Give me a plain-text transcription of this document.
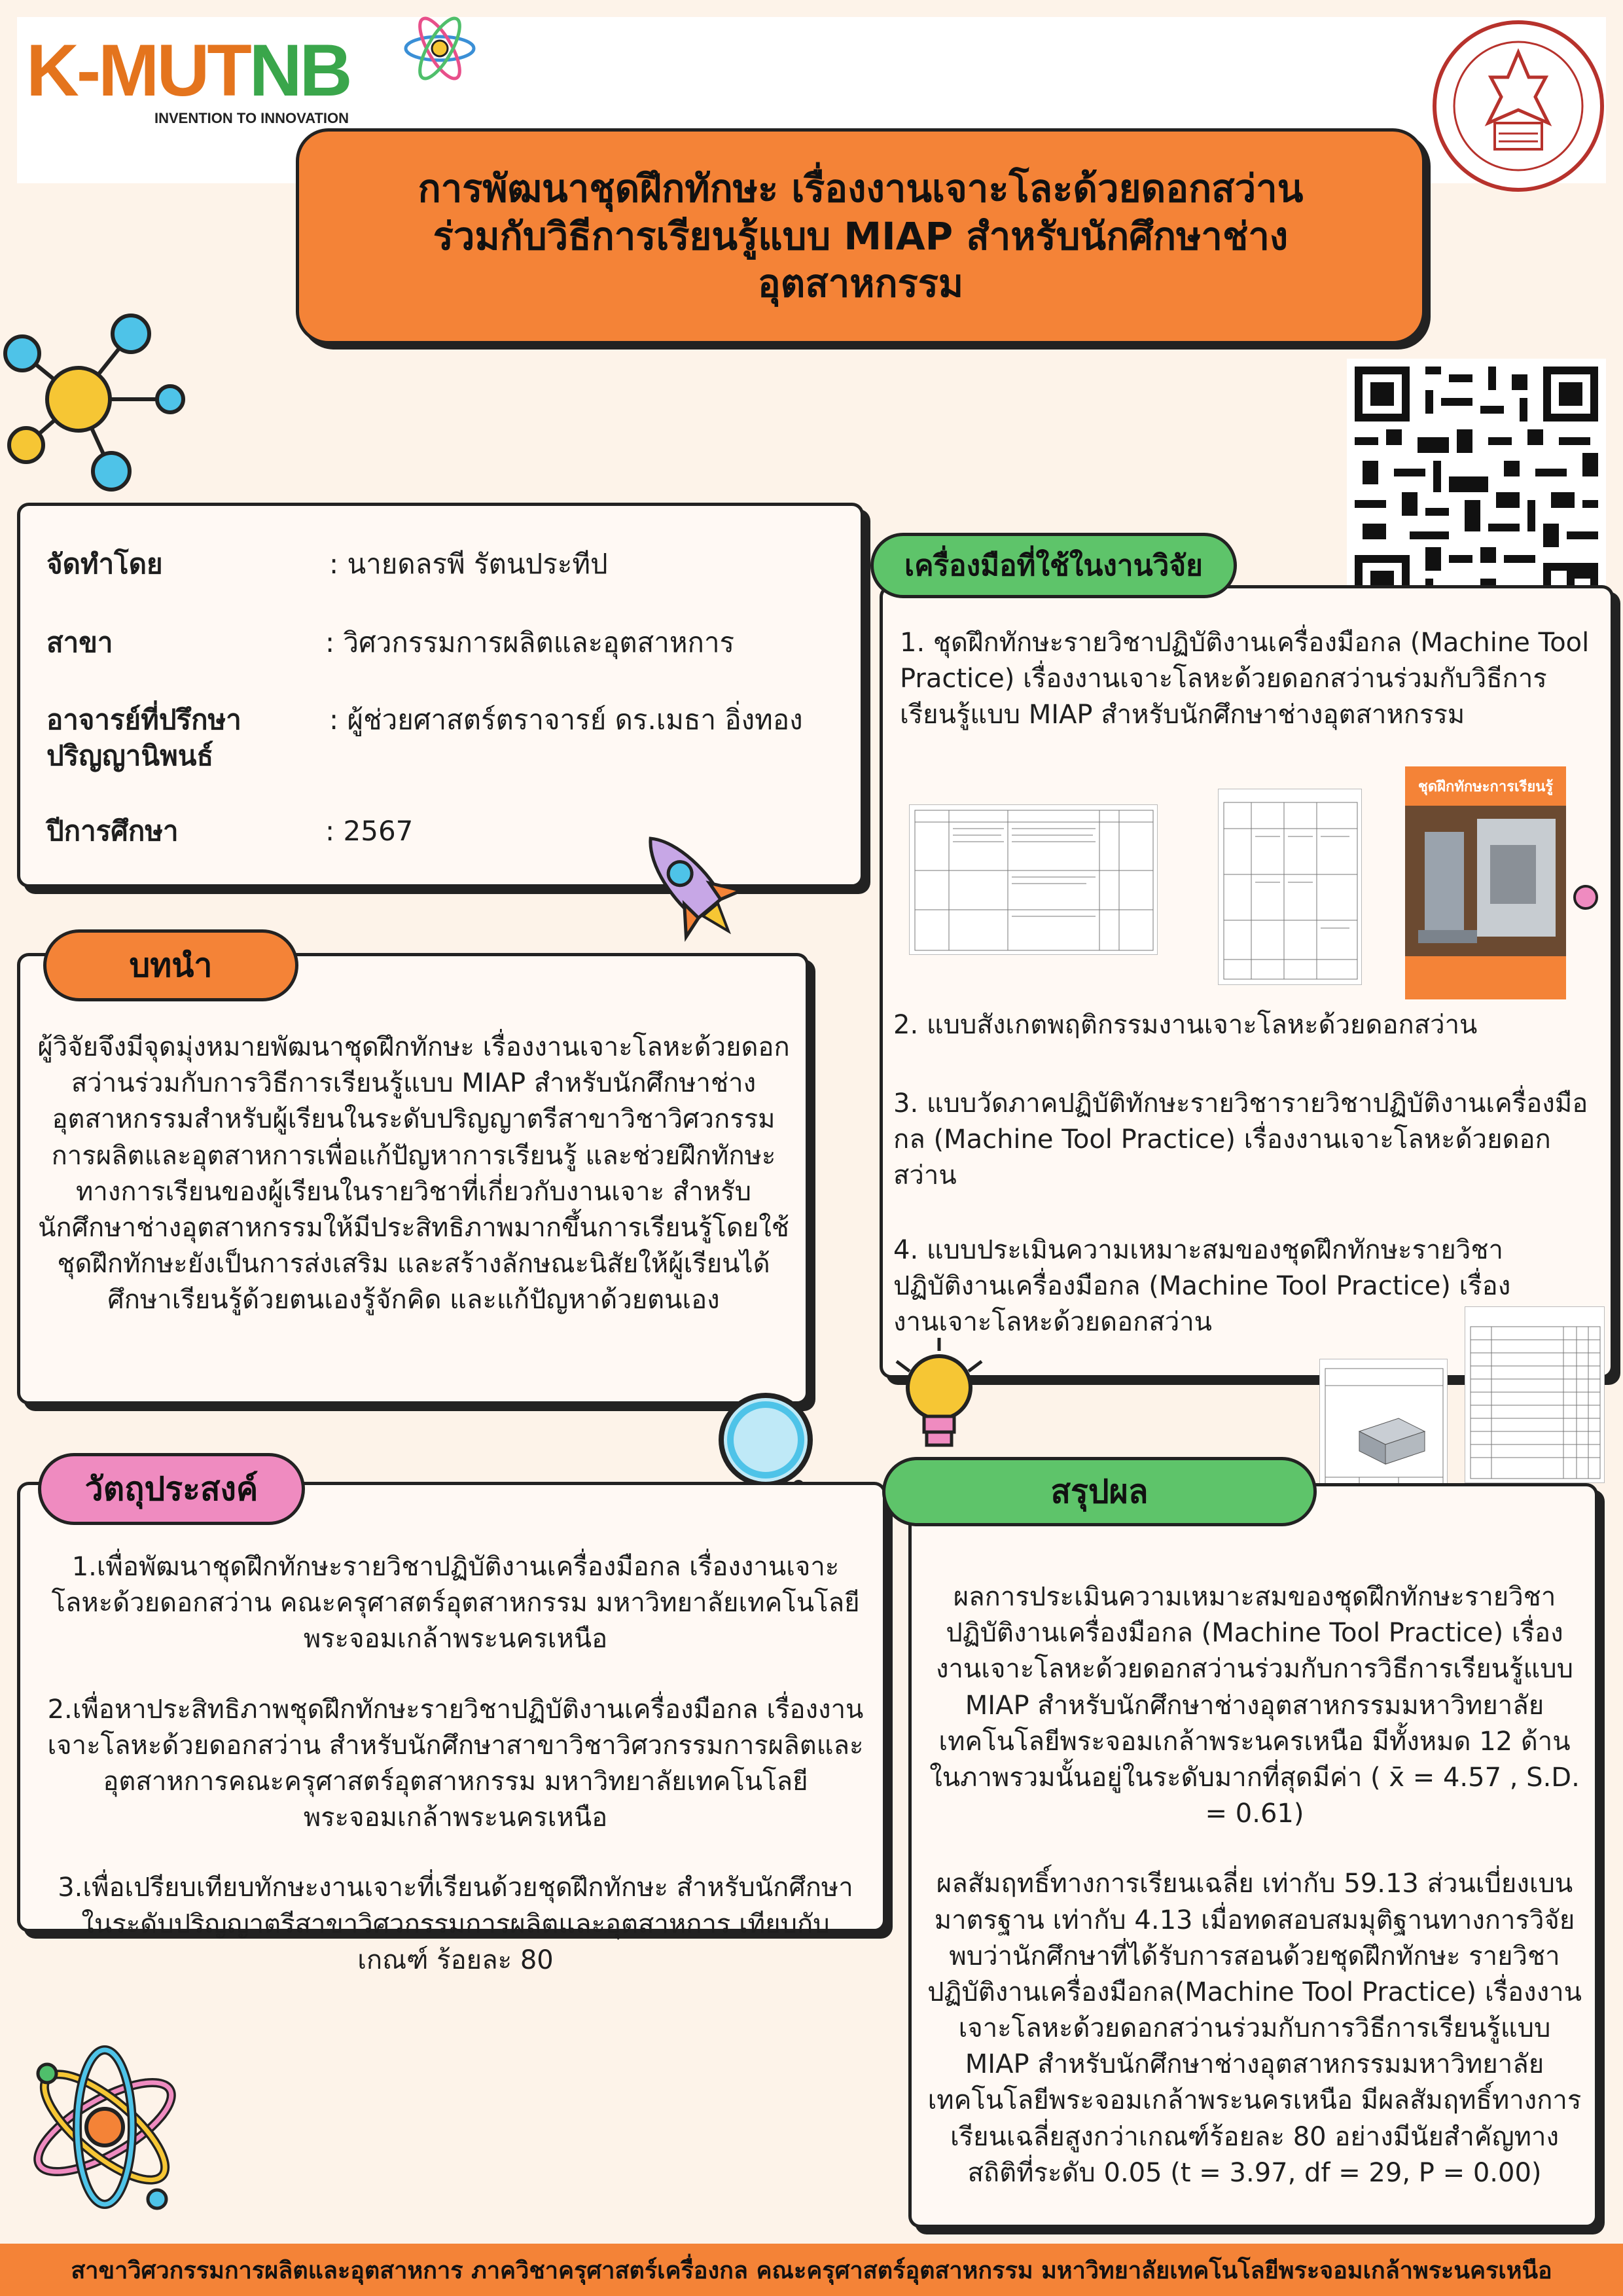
K-MUTNB
INVENTION TO INNOVATION
การพัฒนาชุดฝึกทักษะ เรื่องงานเจาะโละด้วยดอกสว่าน
ร่วมกับวิธีการเรียนรู้แบบ MIAP สำหรับนักศึกษาช่าง
อุตสาหกรรม
จัดทำโดย	: นายดลรพี รัตนประทีป
สาขา	: วิศวกรรมการผลิตและอุตสาหการ
อาจารย์ที่ปรึกษาปริญญานิพนธ์
: ผู้ช่วยศาสตร์ตราจารย์ ดร.เมธา อิ่งทอง
ปีการศึกษา	: 2567
ผู้วิจัยจึงมีจุดมุ่งหมายพัฒนาชุดฝึกทักษะ เรื่องงานเจาะโลหะด้วยดอกสว่านร่วมกับการวิธีการเรียนรู้แบบ MIAP สำหรับนักศึกษาช่างอุตสาหกรรมสำหรับผู้เรียนในระดับปริญญาตรีสาขาวิชาวิศวกรรมการผลิตและอุตสาหการเพื่อแก้ปัญหาการเรียนรู้ และช่วยฝึกทักษะทางการเรียนของผู้เรียนในรายวิชาที่เกี่ยวกับงานเจาะ สำหรับนักศึกษาช่างอุตสาหกรรมให้มีประสิทธิภาพมากขึ้นการเรียนรู้โดยใช้ชุดฝึกทักษะยังเป็นการส่งเสริม และสร้างลักษณะนิสัยให้ผู้เรียนได้ศึกษาเรียนรู้ด้วยตนเองรู้จักคิด และแก้ปัญหาด้วยตนเอง
บทนำ
1.เพื่อพัฒนาชุดฝึกทักษะรายวิชาปฏิบัติงานเครื่องมือกล เรื่องงานเจาะโลหะด้วยดอกสว่าน คณะครุศาสตร์อุตสาหกรรม มหาวิทยาลัยเทคโนโลยีพระจอมเกล้าพระนครเหนือ
2.เพื่อหาประสิทธิภาพชุดฝึกทักษะรายวิชาปฏิบัติงานเครื่องมือกล เรื่องงานเจาะโลหะด้วยดอกสว่าน สำหรับนักศึกษาสาขาวิชาวิศวกรรมการผลิตและอุตสาหการคณะครุศาสตร์อุตสาหกรรม มหาวิทยาลัยเทคโนโลยีพระจอมเกล้าพระนครเหนือ
3.เพื่อเปรียบเทียบทักษะงานเจาะที่เรียนด้วยชุดฝึกทักษะ สำหรับนักศึกษาในระดับปริญญาตรีสาขาวิศวกรรมการผลิตและอุตสาหการ เทียบกับเกณฑ์ ร้อยละ 80
วัตถุประสงค์
1. ชุดฝึกทักษะรายวิชาปฏิบัติงานเครื่องมือกล (Machine Tool Practice) เรื่องงานเจาะโลหะด้วยดอกสว่านร่วมกับวิธีการเรียนรู้แบบ MIAP สำหรับนักศึกษาช่างอุตสาหกรรม
ชุดฝึกทักษะการเรียนรู้
2. แบบสังเกตพฤติกรรมงานเจาะโลหะด้วยดอกสว่าน
3. แบบวัดภาคปฏิบัติทักษะรายวิชารายวิชาปฏิบัติงานเครื่องมือกล (Machine Tool Practice) เรื่องงานเจาะโลหะด้วยดอกสว่าน
4. แบบประเมินความเหมาะสมของชุดฝึกทักษะรายวิชาปฏิบัติงานเครื่องมือกล (Machine Tool Practice) เรื่องงานเจาะโลหะด้วยดอกสว่าน
เครื่องมือที่ใช้ในงานวิจัย
ผลการประเมินความเหมาะสมของชุดฝึกทักษะรายวิชาปฏิบัติงานเครื่องมือกล (Machine Tool Practice) เรื่องงานเจาะโลหะด้วยดอกสว่านร่วมกับการวิธีการเรียนรู้แบบ MIAP สำหรับนักศึกษาช่างอุตสาหกรรมมหาวิทยาลัยเทคโนโลยีพระจอมเกล้าพระนครเหนือ มีทั้งหมด 12 ด้าน ในภาพรวมนั้นอยู่ในระดับมากที่สุดมีค่า ( x̄ = 4.57 , S.D. = 0.61)
ผลสัมฤทธิ์ทางการเรียนเฉลี่ย เท่ากับ 59.13 ส่วนเบี่ยงเบนมาตรฐาน เท่ากับ 4.13 เมื่อทดสอบสมมุติฐานทางการวิจัยพบว่านักศึกษาที่ได้รับการสอนด้วยชุดฝึกทักษะ รายวิชาปฏิบัติงานเครื่องมือกล(Machine Tool Practice) เรื่องงานเจาะโลหะด้วยดอกสว่านร่วมกับการวิธีการเรียนรู้แบบ MIAP สำหรับนักศึกษาช่างอุตสาหกรรมมหาวิทยาลัยเทคโนโลยีพระจอมเกล้าพระนครเหนือ มีผลสัมฤทธิ์ทางการเรียนเฉลี่ยสูงกว่าเกณฑ์ร้อยละ 80 อย่างมีนัยสำคัญทางสถิติที่ระดับ 0.05 (t = 3.97, df = 29, P = 0.00)
สรุปผล
สาขาวิศวกรรมการผลิตและอุตสาหการ ภาควิชาครุศาสตร์เครื่องกล คณะครุศาสตร์อุตสาหกรรม มหาวิทยาลัยเทคโนโลยีพระจอมเกล้าพระนครเหนือ
